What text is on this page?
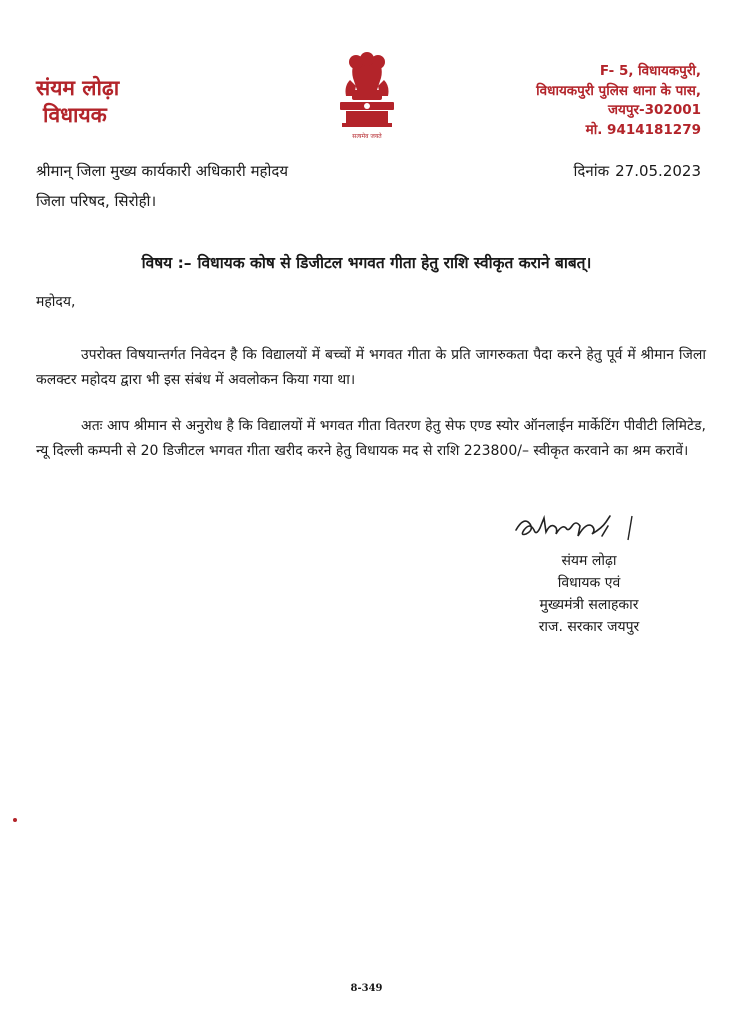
संयम लोढ़ा
विधायक
सत्यमेव जयते
F- 5, विधायकपुरी,
विधायकपुरी पुलिस थाना के पास,
जयपुर-302001
मो. 9414181279
श्रीमान् जिला मुख्य कार्यकारी अधिकारी महोदय
जिला परिषद, सिरोही।
दिनांक 27.05.2023
विषय :– विधायक कोष से डिजीटल भगवत गीता हेतु राशि स्वीकृत कराने बाबत्।
महोदय,
उपरोक्त विषयान्तर्गत निवेदन है कि विद्यालयों में बच्चों में भगवत गीता के प्रति जागरुकता पैदा करने हेतु पूर्व में श्रीमान जिला कलक्टर महोदय द्वारा भी इस संबंध में अवलोकन किया गया था।
अतः आप श्रीमान से अनुरोध है कि विद्यालयों में भगवत गीता वितरण हेतु सेफ एण्ड स्योर ऑनलाईन मार्केटिंग पीवीटी लिमिटेड, न्यू दिल्ली कम्पनी से 20 डिजीटल भगवत गीता खरीद करने हेतु विधायक मद से राशि 223800/– स्वीकृत करवाने का श्रम करावें।
संयम लोढ़ा
विधायक एवं
मुख्यमंत्री सलाहकार
राज. सरकार जयपुर
8-349
